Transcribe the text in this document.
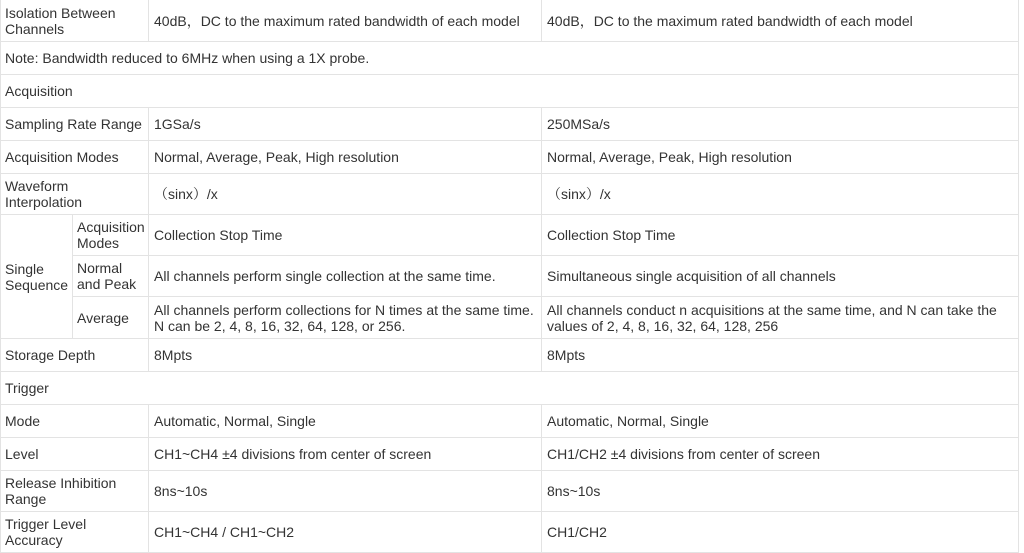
Isolation Between Channels		40dB，DC to the maximum rated bandwidth of each model	40dB，DC to the maximum rated bandwidth of each model
Note: Bandwidth reduced to 6MHz when using a 1X probe.			
Acquisition			
Sampling Rate Range		1GSa/s	250MSa/s
Acquisition Modes		Normal, Average, Peak, High resolution	Normal, Average, Peak, High resolution
Waveform Interpolation		（sinx）/x	（sinx）/x
Single Sequence	Acquisition Modes	Collection Stop Time	Collection Stop Time
	Normal and Peak	All channels perform single collection at the same time.	Simultaneous single acquisition of all channels
	Average	All channels perform collections for N times at the same time. N can be 2, 4, 8, 16, 32, 64, 128, or 256.	All channels conduct n acquisitions at the same time, and N can take the values of 2, 4, 8, 16, 32, 64, 128, 256
Storage Depth		8Mpts	8Mpts
Trigger			
Mode		Automatic, Normal, Single	Automatic, Normal, Single
Level		CH1~CH4 ±4 divisions from center of screen	CH1/CH2 ±4 divisions from center of screen
Release Inhibition Range		8ns~10s	8ns~10s
Trigger Level Accuracy		CH1~CH4 / CH1~CH2	CH1/CH2
